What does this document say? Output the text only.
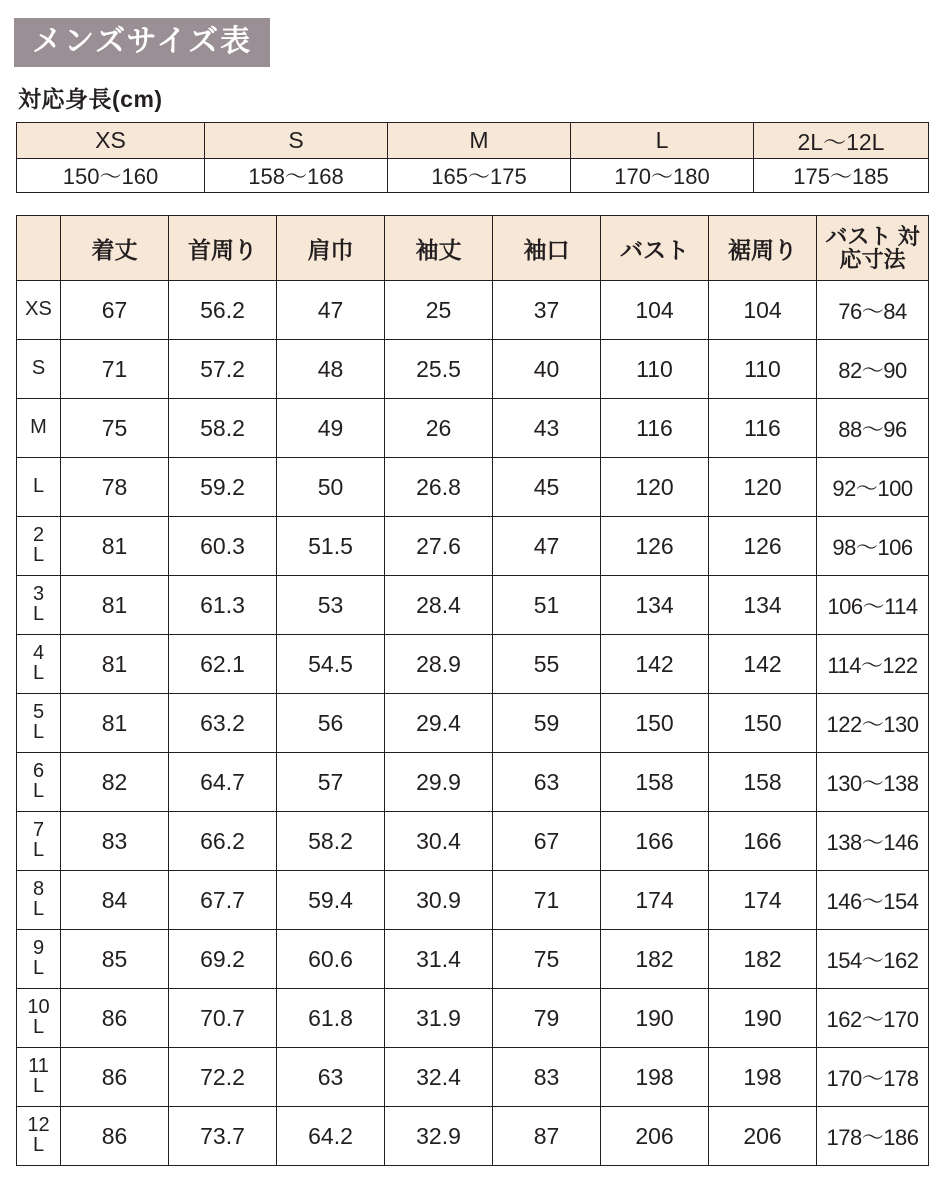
メンズサイズ表
対応身長(cm)
XS	S	M	L	2L〜12L
150〜160	158〜168	165〜175	170〜180	175〜185
	着丈	首周り	肩巾	袖丈	袖口	バスト	裾周り	バスト 対応寸法

XS	67	56.2	47	25	37	104	104	76〜84

S	71	57.2	48	25.5	40	110	110	82〜90

M	75	58.2	49	26	43	116	116	88〜96

L	78	59.2	50	26.8	45	120	120	92〜100

2
L	81	60.3	51.5	27.6	47	126	126	98〜106

3
L	81	61.3	53	28.4	51	134	134	106〜114

4
L	81	62.1	54.5	28.9	55	142	142	114〜122

5
L	81	63.2	56	29.4	59	150	150	122〜130

6
L	82	64.7	57	29.9	63	158	158	130〜138

7
L	83	66.2	58.2	30.4	67	166	166	138〜146

8
L	84	67.7	59.4	30.9	71	174	174	146〜154

9
L	85	69.2	60.6	31.4	75	182	182	154〜162

10
L	86	70.7	61.8	31.9	79	190	190	162〜170

11
L	86	72.2	63	32.4	83	198	198	170〜178

12
L	86	73.7	64.2	32.9	87	206	206	178〜186
